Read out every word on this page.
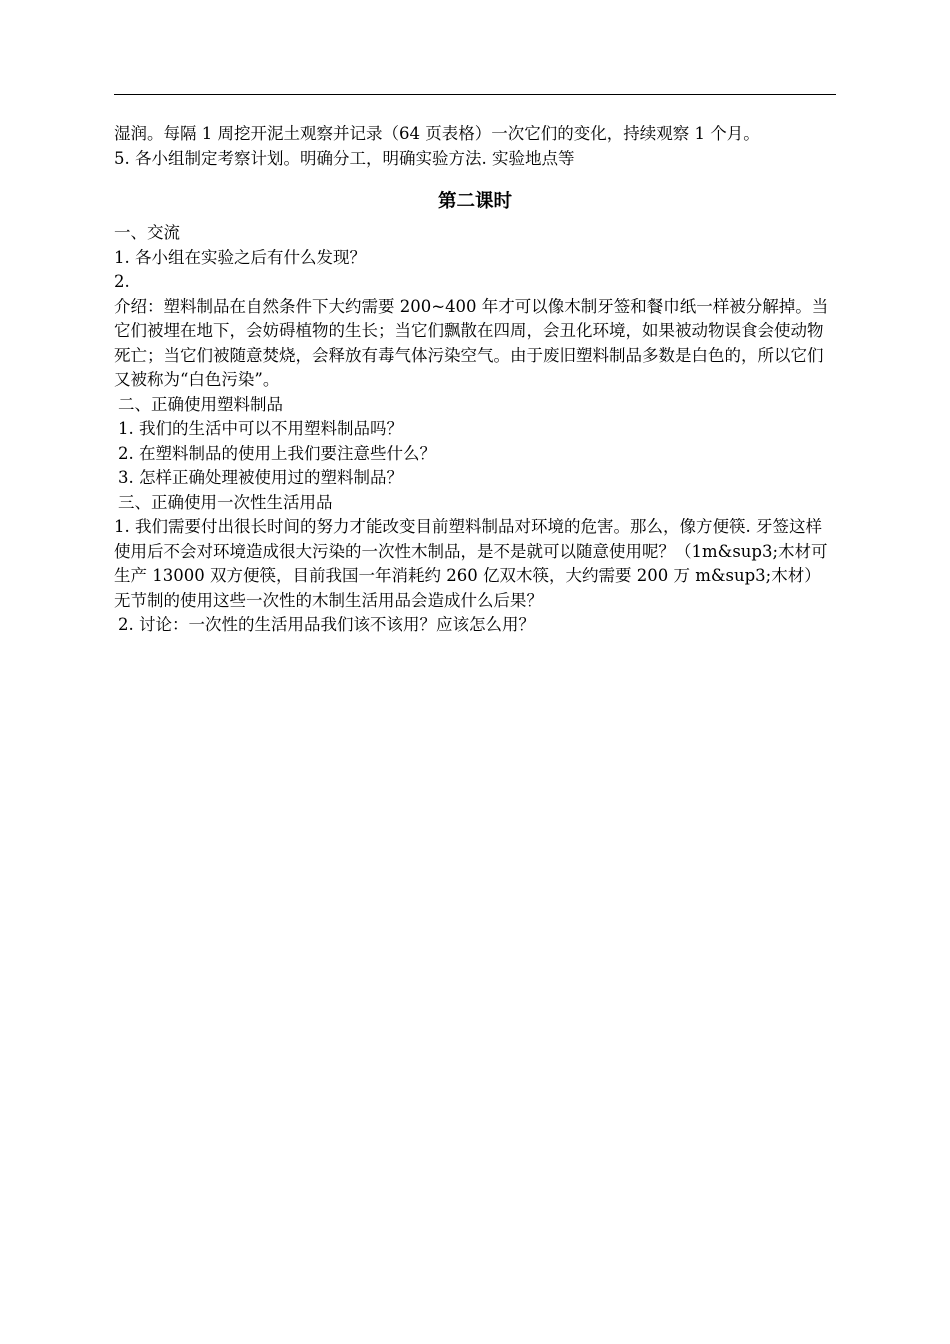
湿润。每隔 1 周挖开泥土观察并记录（64 页表格）一次它们的变化，持续观察 1 个月。

5. 各小组制定考察计划。明确分工，明确实验方法. 实验地点等

第二课时

一、交流

1. 各小组在实验之后有什么发现？

2.

介绍：塑料制品在自然条件下大约需要 200~400 年才可以像木制牙签和餐巾纸一样被分解掉。当它们被埋在地下，会妨碍植物的生长；当它们飘散在四周，会丑化环境，如果被动物误食会使动物死亡；当它们被随意焚烧，会释放有毒气体污染空气。由于废旧塑料制品多数是白色的，所以它们又被称为“白色污染”。

二、正确使用塑料制品

1. 我们的生活中可以不用塑料制品吗？

2. 在塑料制品的使用上我们要注意些什么？

3. 怎样正确处理被使用过的塑料制品？

三、正确使用一次性生活用品

1. 我们需要付出很长时间的努力才能改变目前塑料制品对环境的危害。那么，像方便筷. 牙签这样使用后不会对环境造成很大污染的一次性木制品，是不是就可以随意使用呢？（1m&sup3;木材可生产 13000 双方便筷，目前我国一年消耗约 260 亿双木筷，大约需要 200 万 m&sup3;木材）无节制的使用这些一次性的木制生活用品会造成什么后果？

2. 讨论：一次性的生活用品我们该不该用？应该怎么用？
